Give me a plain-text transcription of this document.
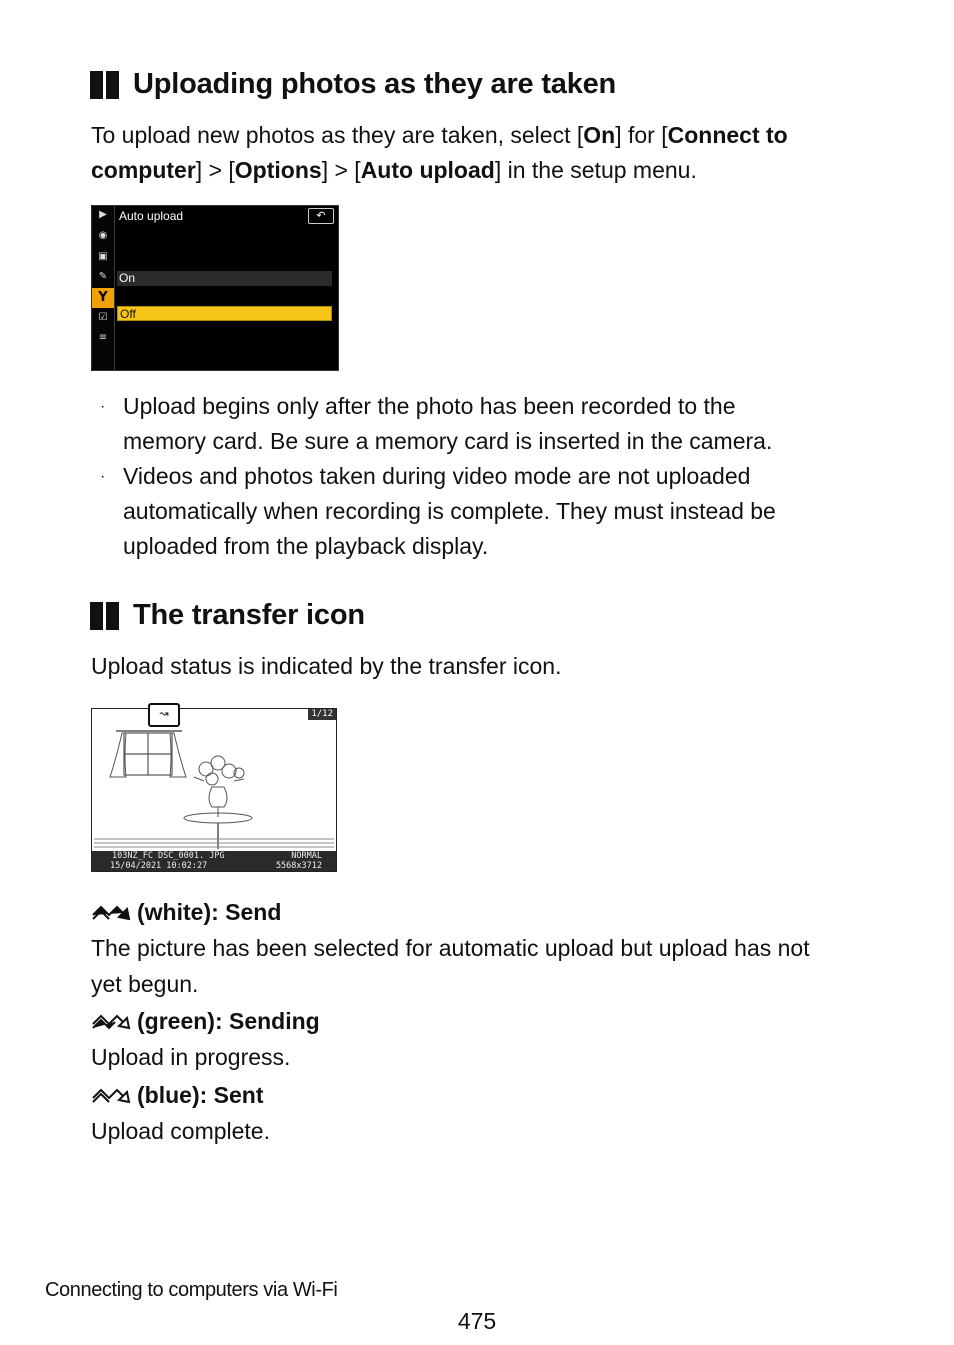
Uploading photos as they are taken
To upload new photos as they are taken, select [On] for [Connect to
computer] > [Options] > [Auto upload] in the setup menu.
▶
◉
▣
✎
Y
☑
≡
Auto upload	↶
On
Off
· Upload begins only after the photo has been recorded to the
memory card. Be sure a memory card is inserted in the camera.
· Videos and photos taken during video mode are not uploaded
automatically when recording is complete. They must instead be
uploaded from the playback display.
The transfer icon
Upload status is indicated by the transfer icon.
↝	1/12
103NZ_FC DSC_0001. JPG
15/04/2021 10:02:27
NORMAL
5568x3712
(white): Send
The picture has been selected for automatic upload but upload has not
yet begun.
(green): Sending
Upload in progress.
(blue): Sent
Upload complete.
Connecting to computers via Wi-Fi
475
